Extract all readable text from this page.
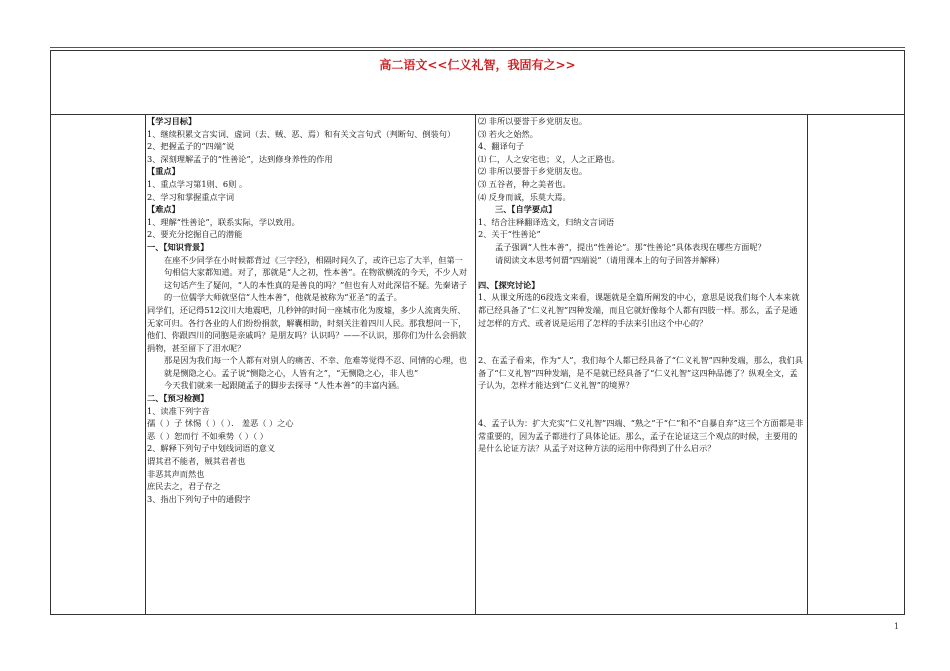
高二语文<<仁义礼智，我固有之>>
【学习目标】
1、继续积累文言实词、虚词（去、贼、恶、焉）和有关文言句式（判断句、倒装句）
2、把握孟子的“四端”说
3、深刻理解孟子的“性善论”，达到修身养性的作用
【重点】
1、重点学习第1则、6则 。
2、学习和掌握重点字词
【难点】
1、理解“性善论”，联系实际，学以致用。
2、要充分挖掘自己的潜能
一、【知识背景】
在座不少同学在小时候都背过《三字经》，相隔时间久了，或许已忘了大半，但第一句相信大家都知道。对了，那就是“人之初，性本善”。在物欲横流的今天，不少人对这句话产生了疑问，“人的本性真的是善良的吗？”但也有人对此深信不疑。先秦诸子的一位儒学大师就坚信“人性本善”，他就是被称为“亚圣”的孟子。
同学们，还记得512汶川大地震吧，几秒钟的时间一座城市化为废墟，多少人流离失所、无家可归。各行各业的人们纷纷捐款，解囊相助，时刻关注着四川人民。那我想问一下，他们、你跟四川的同胞是亲戚吗？是朋友吗？认识吗？——不认识，那你们为什么会捐款捐物，甚至留下了泪水呢？
那是因为我们每一个人都有对别人的痛苦、不幸、危难等觉得不忍、同情的心理，也就是恻隐之心。孟子说“恻隐之心，人皆有之”，“无恻隐之心，非人也”
今天我们就来一起跟随孟子的脚步去探寻 “人性本善”的丰富内涵。
二、【预习检测】
1、读准下列字音
孺（ ）子 怵惕（ ）（ ）． 羞恶（ ）之心
恶（ ）恕而行 不如乘势（ ）（ ）
2、解释下列句子中划线词语的意义
谓其君不能者，贼其君者也
非恶其声而然也
庶民去之，君子存之
3、指出下列句子中的通假字
⑵ 非所以要誉于乡党朋友也。
⑶ 若火之始然。
4、翻译句子
⑴ 仁，人之安宅也；义，人之正路也。
⑵ 非所以要誉于乡党朋友也。
⑶ 五谷者，种之美者也。
⑷ 反身而诚，乐莫大焉。
三、【自学要点】
1、结合注释翻译选文，归纳文言词语
2、关于“性善论”
孟子强调“人性本善”，提出“性善论”。那“性善论”具体表现在哪些方面呢？
请阅读文本思考何谓“四端说”（请用课本上的句子回答并解释）
四、【探究讨论】
1、从课文所选的6段选文来看，课题就是全篇所阐发的中心，意思是说我们每个人本来就都已经具备了“仁义礼智”四种发端，而且它就好像每个人都有四肢一样。那么，孟子是通过怎样的方式、或者说是运用了怎样的手法来引出这个中心的？
2、在孟子看来，作为“人”，我们每个人都已经具备了“仁义礼智”四种发端，那么，我们具备了“仁义礼智”四种发端，是不是就已经具备了“仁义礼智”这四种品德了？纵观全文，孟子认为，怎样才能达到“仁义礼智”的境界？
4、孟子认为：扩大充实“仁义礼智”四端、“熟之”于“仁”和不“自暴自弃”这三个方面都是非常重要的，因为孟子都进行了具体论证。那么，孟子在论证这三个观点的时候，主要用的是什么论证方法？从孟子对这种方法的运用中你得到了什么启示？
1
